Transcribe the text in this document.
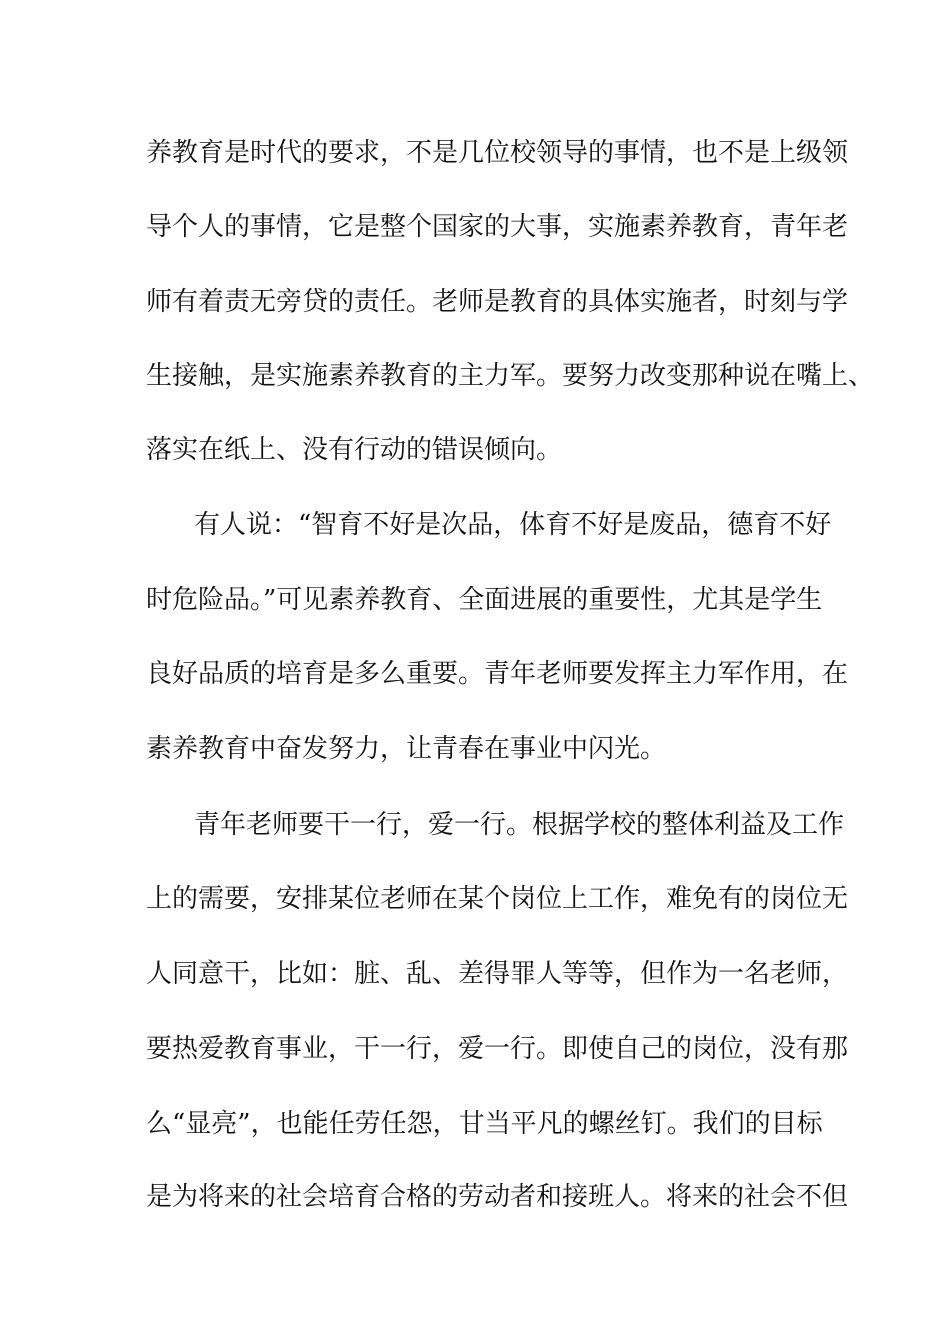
养教育是时代的要求，不是几位校领导的事情，也不是上级领
导个人的事情，它是整个国家的大事，实施素养教育，青年老
师有着责无旁贷的责任。老师是教育的具体实施者，时刻与学
生接触，是实施素养教育的主力军。要努力改变那种说在嘴上、
落实在纸上、没有行动的错误倾向。
有人说：“智育不好是次品，体育不好是废品，德育不好
时危险品。”可见素养教育、全面进展的重要性，尤其是学生
良好品质的培育是多么重要。青年老师要发挥主力军作用，在
素养教育中奋发努力，让青春在事业中闪光。
青年老师要干一行，爱一行。根据学校的整体利益及工作
上的需要，安排某位老师在某个岗位上工作，难免有的岗位无
人同意干，比如：脏、乱、差得罪人等等，但作为一名老师，
要热爱教育事业，干一行，爱一行。即使自己的岗位，没有那
么“显亮”，也能任劳任怨，甘当平凡的螺丝钉。我们的目标
是为将来的社会培育合格的劳动者和接班人。将来的社会不但
